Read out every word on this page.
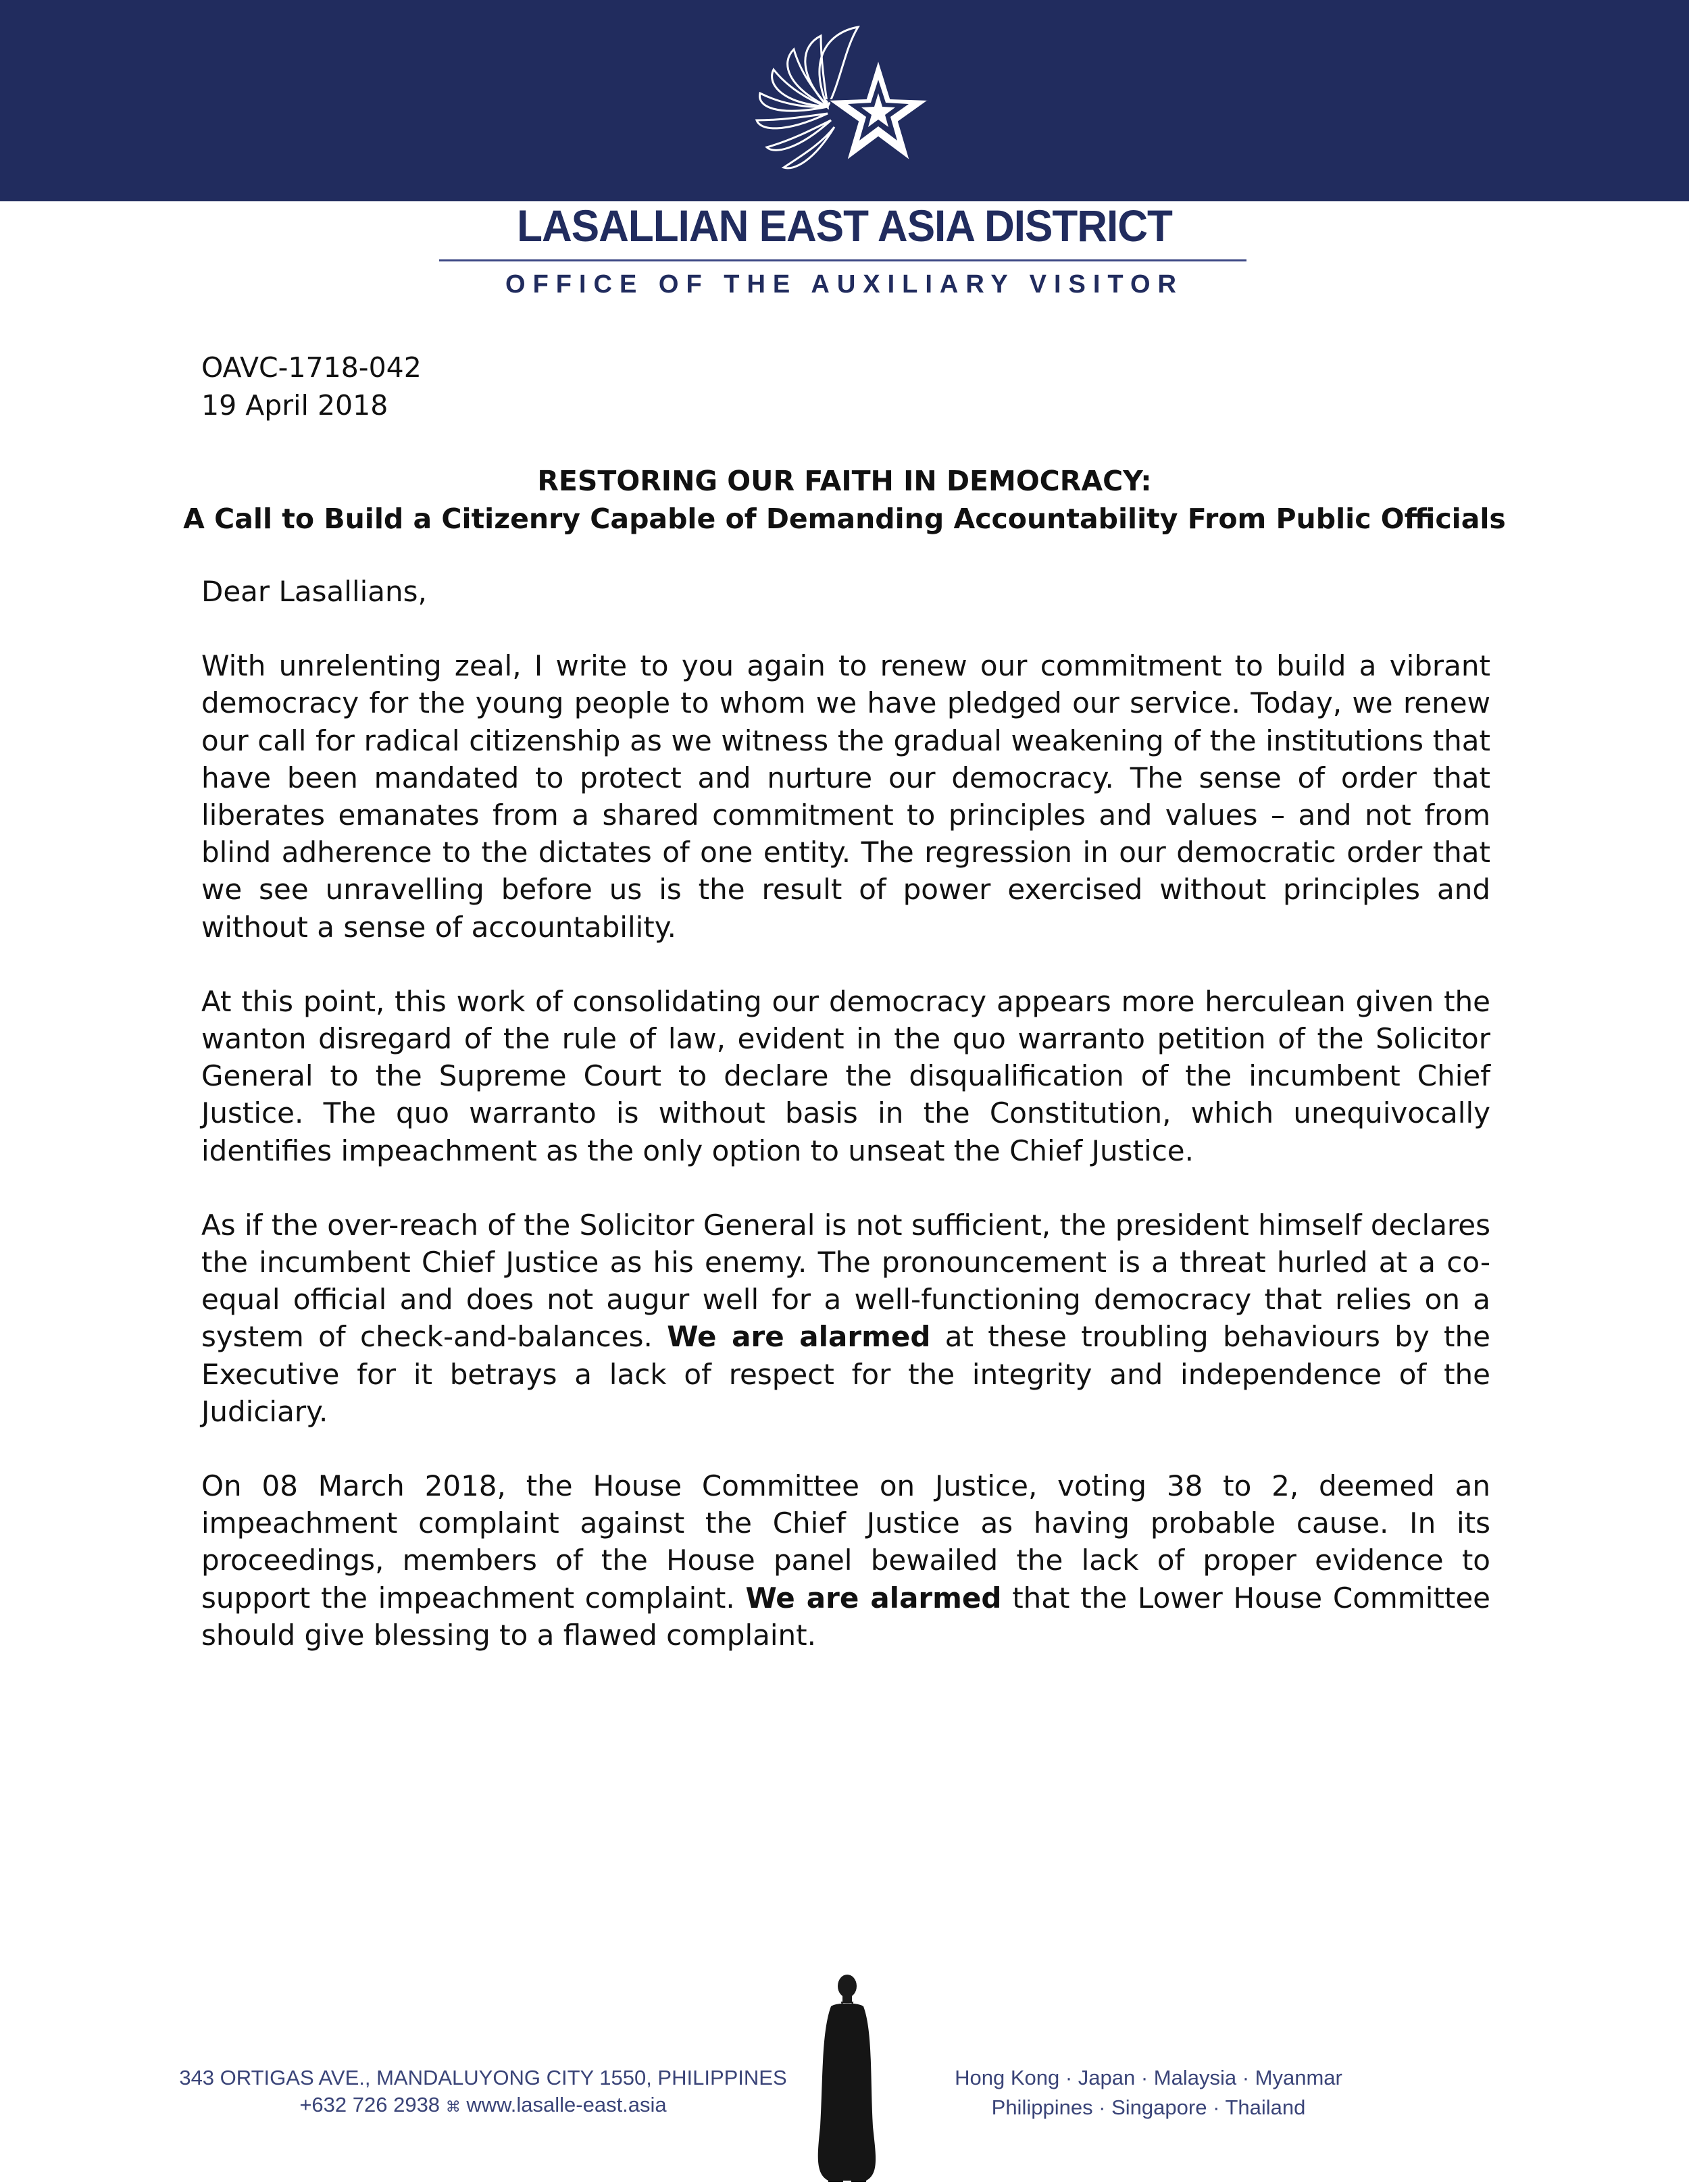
LASALLIAN EAST ASIA DISTRICT
OFFICE OF THE AUXILIARY VISITOR
OAVC-1718-042
19 April 2018
RESTORING OUR FAITH IN DEMOCRACY:
A Call to Build a Citizenry Capable of Demanding Accountability From Public Officials

Dear Lasallians,

With unrelenting zeal, I write to you again to renew our commitment to build a vibrant democracy for the young people to whom we have pledged our service. Today, we renew our call for radical citizenship as we witness the gradual weakening of the institutions that have been mandated to protect and nurture our democracy. The sense of order that liberates emanates from a shared commitment to principles and values – and not from blind adherence to the dictates of one entity. The regression in our democratic order that we see unravelling before us is the result of power exercised without principles and without a sense of accountability.

At this point, this work of consolidating our democracy appears more herculean given the wanton disregard of the rule of law, evident in the quo warranto petition of the Solicitor General to the Supreme Court to declare the disqualification of the incumbent Chief Justice. The quo warranto is without basis in the Constitution, which unequivocally identifies impeachment as the only option to unseat the Chief Justice.

As if the over-reach of the Solicitor General is not sufficient, the president himself declares the incumbent Chief Justice as his enemy. The pronouncement is a threat hurled at a co-equal official and does not augur well for a well-functioning democracy that relies on a system of check-and-balances. We are alarmed at these troubling behaviours by the Executive for it betrays a lack of respect for the integrity and independence of the Judiciary.

On 08 March 2018, the House Committee on Justice, voting 38 to 2, deemed an impeachment complaint against the Chief Justice as having probable cause. In its proceedings, members of the House panel bewailed the lack of proper evidence to support the impeachment complaint. We are alarmed that the Lower House Committee should give blessing to a flawed complaint.

343 ORTIGAS AVE., MANDALUYONG CITY 1550, PHILIPPINES
+632 726 2938 ⌘ www.lasalle-east.asia
Hong Kong · Japan · Malaysia · Myanmar
Philippines · Singapore · Thailand
